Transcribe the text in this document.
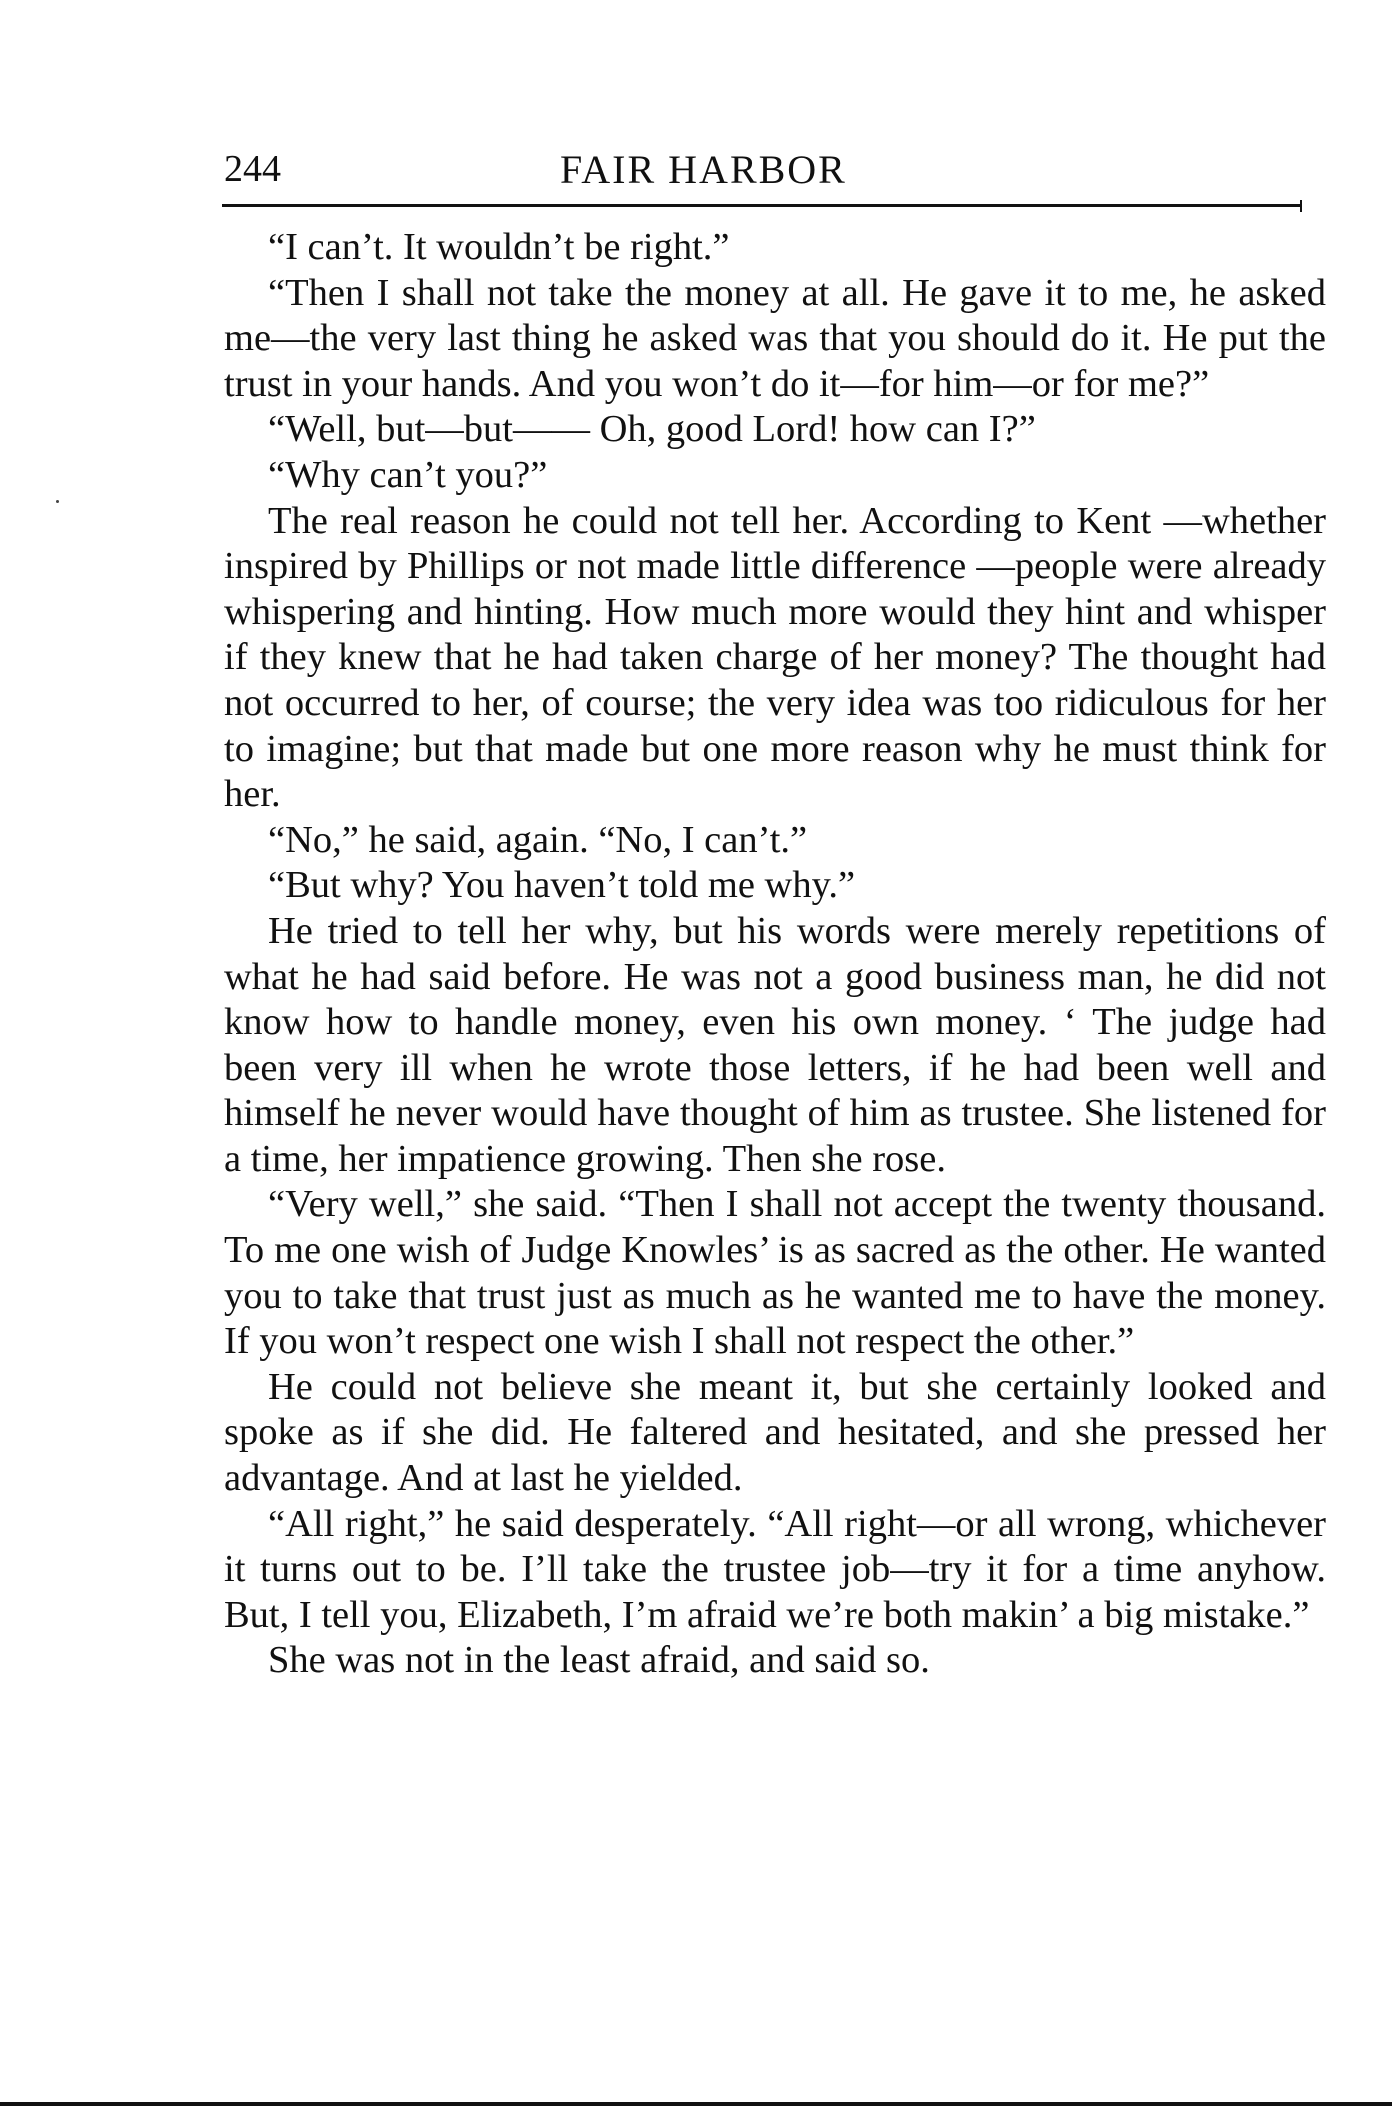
244	FAIR HARBOR

“I can’t. It wouldn’t be right.”

“Then I shall not take the money at all. He gave it to me, he asked me—the very last thing he asked was that you should do it. He put the trust in your hands. And you won’t do it—for him—or for me?”

“Well, but—but—— Oh, good Lord! how can I?”

“Why can’t you?”

The real reason he could not tell her. According to Kent —whether inspired by Phillips or not made little difference —people were already whispering and hinting. How much more would they hint and whisper if they knew that he had taken charge of her money? The thought had not occurred to her, of course; the very idea was too ridiculous for her to imagine; but that made but one more reason why he must think for her.

“No,” he said, again. “No, I can’t.”

“But why? You haven’t told me why.”

He tried to tell her why, but his words were merely repetitions of what he had said before. He was not a good business man, he did not know how to handle money, even his own money. ‘ The judge had been very ill when he wrote those letters, if he had been well and himself he never would have thought of him as trustee. She listened for a time, her impatience growing. Then she rose.

“Very well,” she said. “Then I shall not accept the twenty thousand. To me one wish of Judge Knowles’ is as sacred as the other. He wanted you to take that trust just as much as he wanted me to have the money. If you won’t respect one wish I shall not respect the other.”

He could not believe she meant it, but she certainly looked and spoke as if she did. He faltered and hesitated, and she pressed her advantage. And at last he yielded.

“All right,” he said desperately. “All right—or all wrong, whichever it turns out to be. I’ll take the trustee job—try it for a time anyhow. But, I tell you, Elizabeth, I’m afraid we’re both makin’ a big mistake.”

She was not in the least afraid, and said so.
